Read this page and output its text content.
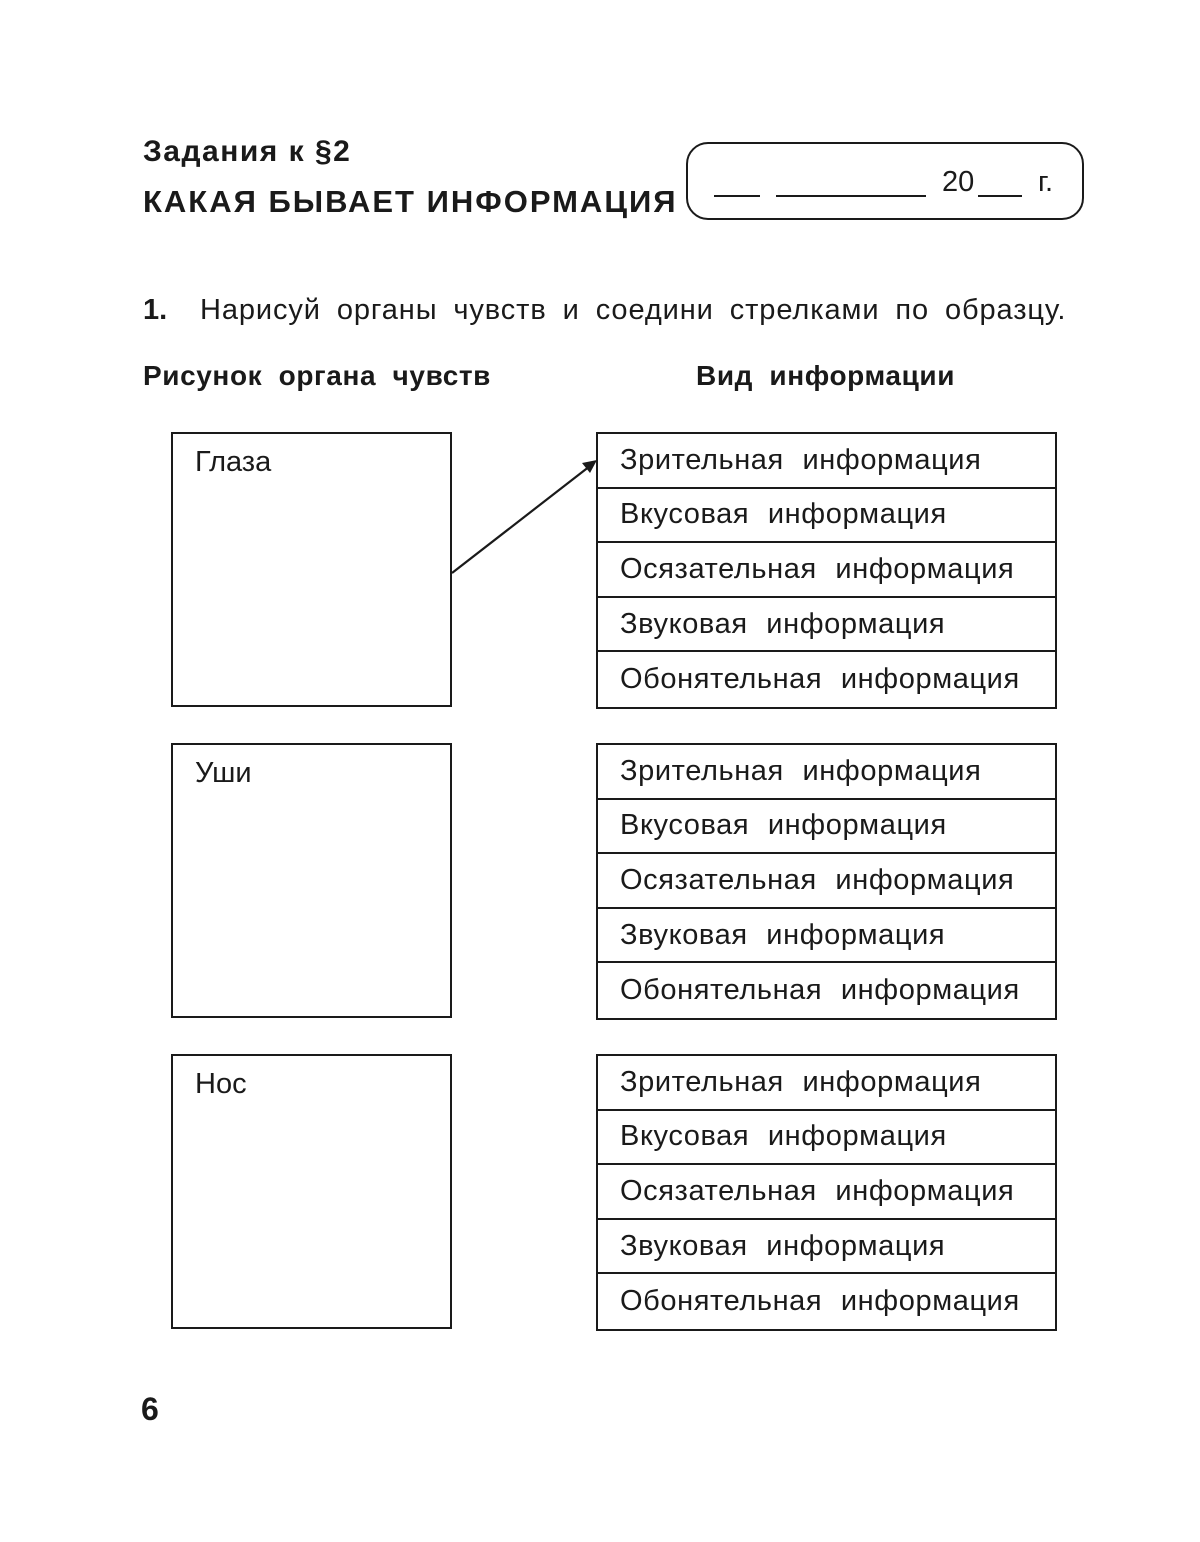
Задания к §2
КАКАЯ БЫВАЕТ ИНФОРМАЦИЯ
20 г.
1. Нарисуй органы чувств и соедини стрелками по образцу.
Рисунок органа чувств	Вид информации
Глаза	Зрительная информация
Вкусовая информация
Осязательная информация
Звуковая информация
Обонятельная информация
Уши	Зрительная информация
Вкусовая информация
Осязательная информация
Звуковая информация
Обонятельная информация
Нос	Зрительная информация
Вкусовая информация
Осязательная информация
Звуковая информация
Обонятельная информация
6
